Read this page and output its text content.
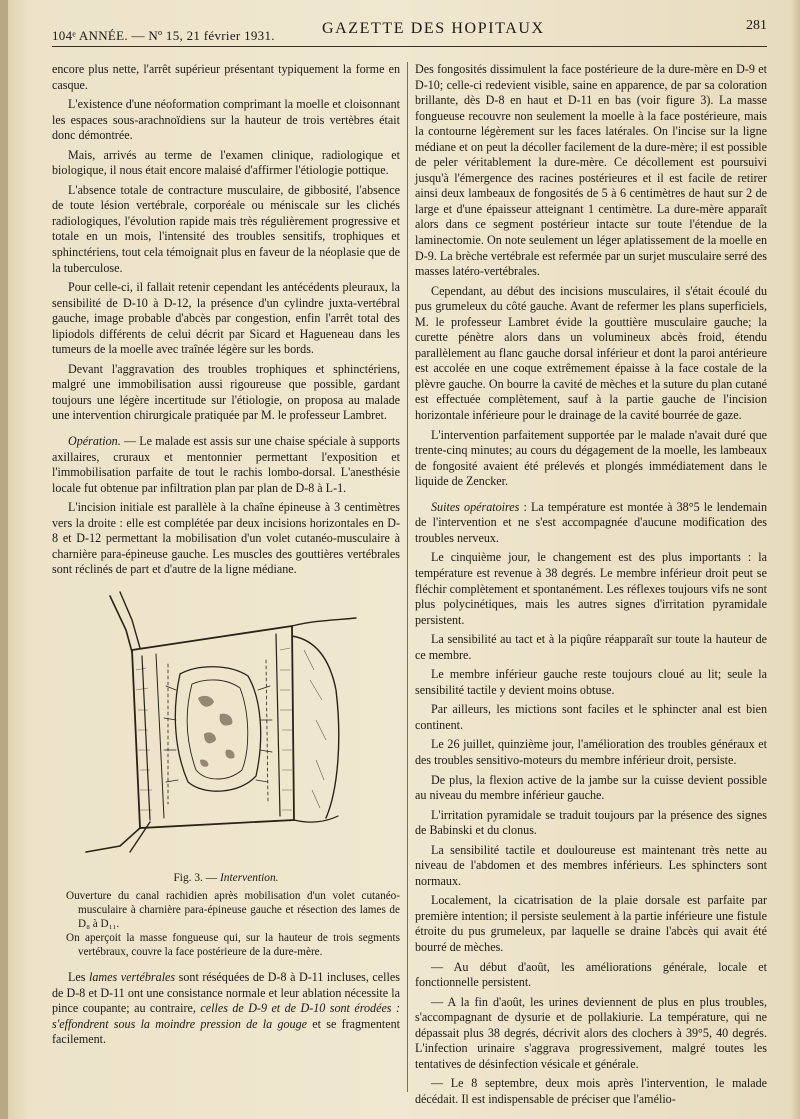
104ᵉ ANNÉE. — Nº 15, 21 février 1931.	GAZETTE DES HOPITAUX	281

encore plus nette, l'arrêt supérieur présentant typiquement la forme en casque.

L'existence d'une néoformation comprimant la moelle et cloisonnant les espaces sous-arachnoïdiens sur la hauteur de trois vertèbres était donc démontrée.

Mais, arrivés au terme de l'examen clinique, radiologique et biologique, il nous était encore malaisé d'affirmer l'étiologie pottique.

L'absence totale de contracture musculaire, de gibbosité, l'absence de toute lésion vertébrale, corporéale ou méniscale sur les clichés radiologiques, l'évolution rapide mais très régulièrement progressive et totale en un mois, l'intensité des troubles sensitifs, trophiques et sphinctériens, tout cela témoignait plus en faveur de la néoplasie que de la tuberculose.

Pour celle-ci, il fallait retenir cependant les antécédents pleuraux, la sensibilité de D-10 à D-12, la présence d'un cylindre juxta-vertébral gauche, image probable d'abcès par congestion, enfin l'arrêt total des lipiodols différents de celui décrit par Sicard et Hagueneau dans les tumeurs de la moelle avec traînée légère sur les bords.

Devant l'aggravation des troubles trophiques et sphinctériens, malgré une immobilisation aussi rigoureuse que possible, gardant toujours une légère incertitude sur l'étiologie, on proposa au malade une intervention chirurgicale pratiquée par M. le professeur Lambret.

Opération. — Le malade est assis sur une chaise spéciale à supports axillaires, cruraux et mentonnier permettant l'exposition et l'immobilisation parfaite de tout le rachis lombo-dorsal. L'anesthésie locale fut obtenue par infiltration plan par plan de D-8 à L-1.

L'incision initiale est parallèle à la chaîne épineuse à 3 centimètres vers la droite : elle est complétée par deux incisions horizontales en D-8 et D-12 permettant la mobilisation d'un volet cutanéo-musculaire à charnière para-épineuse gauche. Les muscles des gouttières vertébrales sont réclinés de part et d'autre de la ligne médiane.

Fig. 3. — Intervention.
Ouverture du canal rachidien après mobilisation d'un volet cutanéo-musculaire à charnière para-épineuse gauche et résection des lames de D₈ à D₁₁.
On aperçoit la masse fongueuse qui, sur la hauteur de trois segments vertébraux, couvre la face postérieure de la dure-mère.

Les lames vertébrales sont réséquées de D-8 à D-11 incluses, celles de D-8 et D-11 ont une consistance normale et leur ablation nécessite la pince coupante; au contraire, celles de D-9 et de D-10 sont érodées : s'effondrent sous la moindre pression de la gouge et se fragmentent facilement.

Des fongosités dissimulent la face postérieure de la dure-mère en D-9 et D-10; celle-ci redevient visible, saine en apparence, de par sa coloration brillante, dès D-8 en haut et D-11 en bas (voir figure 3). La masse fongueuse recouvre non seulement la moelle à la face postérieure, mais la contourne légèrement sur les faces latérales. On l'incise sur la ligne médiane et on peut la décoller facilement de la dure-mère; il est possible de peler véritablement la dure-mère. Ce décollement est poursuivi jusqu'à l'émergence des racines postérieures et il est facile de retirer ainsi deux lambeaux de fongosités de 5 à 6 centimètres de haut sur 2 de large et d'une épaisseur atteignant 1 centimètre. La dure-mère apparaît alors dans ce segment postérieur intacte sur toute l'étendue de la laminectomie. On note seulement un léger aplatissement de la moelle en D-9. La brèche vertébrale est refermée par un surjet musculaire serré des masses latéro-vertébrales.

Cependant, au début des incisions musculaires, il s'était écoulé du pus grumeleux du côté gauche. Avant de refermer les plans superficiels, M. le professeur Lambret évide la gouttière musculaire gauche; la curette pénètre alors dans un volumineux abcès froid, étendu parallèlement au flanc gauche dorsal inférieur et dont la paroi antérieure est accolée en une coque extrêmement épaisse à la face costale de la plèvre gauche. On bourre la cavité de mèches et la suture du plan cutané est effectuée complètement, sauf à la partie gauche de l'incision horizontale inférieure pour le drainage de la cavité bourrée de gaze.

L'intervention parfaitement supportée par le malade n'avait duré que trente-cinq minutes; au cours du dégagement de la moelle, les lambeaux de fongosité avaient été prélevés et plongés immédiatement dans le liquide de Zencker.

Suites opératoires : La température est montée à 38°5 le lendemain de l'intervention et ne s'est accompagnée d'aucune modification des troubles nerveux.

Le cinquième jour, le changement est des plus importants : la température est revenue à 38 degrés. Le membre inférieur droit peut se fléchir complètement et spontanément. Les réflexes toujours vifs ne sont plus polycinétiques, mais les autres signes d'irritation pyramidale persistent.

La sensibilité au tact et à la piqûre réapparaît sur toute la hauteur de ce membre.

Le membre inférieur gauche reste toujours cloué au lit; seule la sensibilité tactile y devient moins obtuse.

Par ailleurs, les mictions sont faciles et le sphincter anal est bien continent.

Le 26 juillet, quinzième jour, l'amélioration des troubles généraux et des troubles sensitivo-moteurs du membre inférieur droit, persiste.

De plus, la flexion active de la jambe sur la cuisse devient possible au niveau du membre inférieur gauche.

L'irritation pyramidale se traduit toujours par la présence des signes de Babinski et du clonus.

La sensibilité tactile et douloureuse est maintenant très nette au niveau de l'abdomen et des membres inférieurs. Les sphincters sont normaux.

Localement, la cicatrisation de la plaie dorsale est parfaite par première intention; il persiste seulement à la partie inférieure une fistule étroite du pus grumeleux, par laquelle se draine l'abcès qui avait été bourré de mèches.

— Au début d'août, les améliorations générale, locale et fonctionnelle persistent.

— A la fin d'août, les urines deviennent de plus en plus troubles, s'accompagnant de dysurie et de pollakiurie. La température, qui ne dépassait plus 38 degrés, décrivit alors des clochers à 39°5, 40 degrés. L'infection urinaire s'aggrava progressivement, malgré toutes les tentatives de désinfection vésicale et générale.

— Le 8 septembre, deux mois après l'intervention, le malade décédait. Il est indispensable de préciser que l'amélio-
